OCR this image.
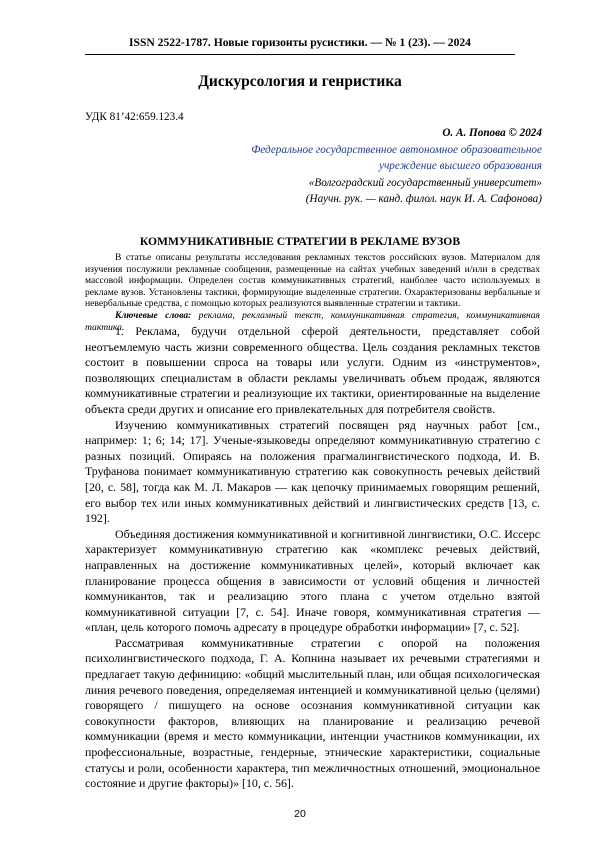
ISSN 2522-1787. Новые горизонты русистики. — № 1 (23). — 2024
Дискурсология и генристика
УДК 81’42:659.123.4
О. А. Попова © 2024
Федеральное государственное автономное образовательное
учреждение высшего образования
«Волгоградский государственный университет»
(Научн. рук. — канд. филол. наук И. А. Сафонова)
КОММУНИКАТИВНЫЕ СТРАТЕГИИ В РЕКЛАМЕ ВУЗОВ

В статье описаны результаты исследования рекламных текстов российских вузов. Материалом для изучения послужили рекламные сообщения, размещенные на сайтах учебных заведений и/или в средствах массовой информации. Определен состав коммуникативных стратегий, наиболее часто используемых в рекламе вузов. Установлены тактики, формирующие выделенные стратегии. Охарактеризованы вербальные и невербальные средства, с помощью которых реализуются выявленные стратегии и тактики.

Ключевые слова: реклама, рекламный текст, коммуникативная стратегия, коммуникативная тактика.

1. Реклама, будучи отдельной сферой деятельности, представляет собой неотъемлемую часть жизни современного общества. Цель создания рекламных текстов состоит в повышении спроса на товары или услуги. Одним из «инструментов», позволяющих специалистам в области рекламы увеличивать объем продаж, являются коммуникативные стратегии и реализующие их тактики, ориентированные на выделение объекта среди других и описание его привлекательных для потребителя свойств.

Изучению коммуникативных стратегий посвящен ряд научных работ [см., например: 1; 6; 14; 17]. Ученые-языковеды определяют коммуникативную стратегию с разных позиций. Опираясь на положения прагмалингвистического подхода, И. В. Труфанова понимает коммуникативную стратегию как совокупность речевых действий [20, с. 58], тогда как М. Л. Макаров — как цепочку принимаемых говорящим решений, его выбор тех или иных коммуникативных действий и лингвистических средств [13, с. 192].

Объединяя достижения коммуникативной и когнитивной лингвистики, О.С. Иссерс характеризует коммуникативную стратегию как «комплекс речевых действий, направленных на достижение коммуникативных целей», который включает как планирование процесса общения в зависимости от условий общения и личностей коммуникантов, так и реализацию этого плана с учетом отдельно взятой коммуникативной ситуации [7, с. 54]. Иначе говоря, коммуникативная стратегия — «план, цель которого помочь адресату в процедуре обработки информации» [7, с. 52].

Рассматривая коммуникативные стратегии с опорой на положения психолингвистического подхода, Г. А. Копнина называет их речевыми стратегиями и предлагает такую дефиницию: «общий мыслительный план, или общая психологическая линия речевого поведения, определяемая интенцией и коммуникативной целью (целями) говорящего / пишущего на основе осознания коммуникативной ситуации как совокупности факторов, влияющих на планирование и реализацию речевой коммуникации (время и место коммуникации, интенции участников коммуникации, их профессиональные, возрастные, гендерные, этнические характеристики, социальные статусы и роли, особенности характера, тип межличностных отношений, эмоциональное состояние и другие факторы)» [10, с. 56].

20
